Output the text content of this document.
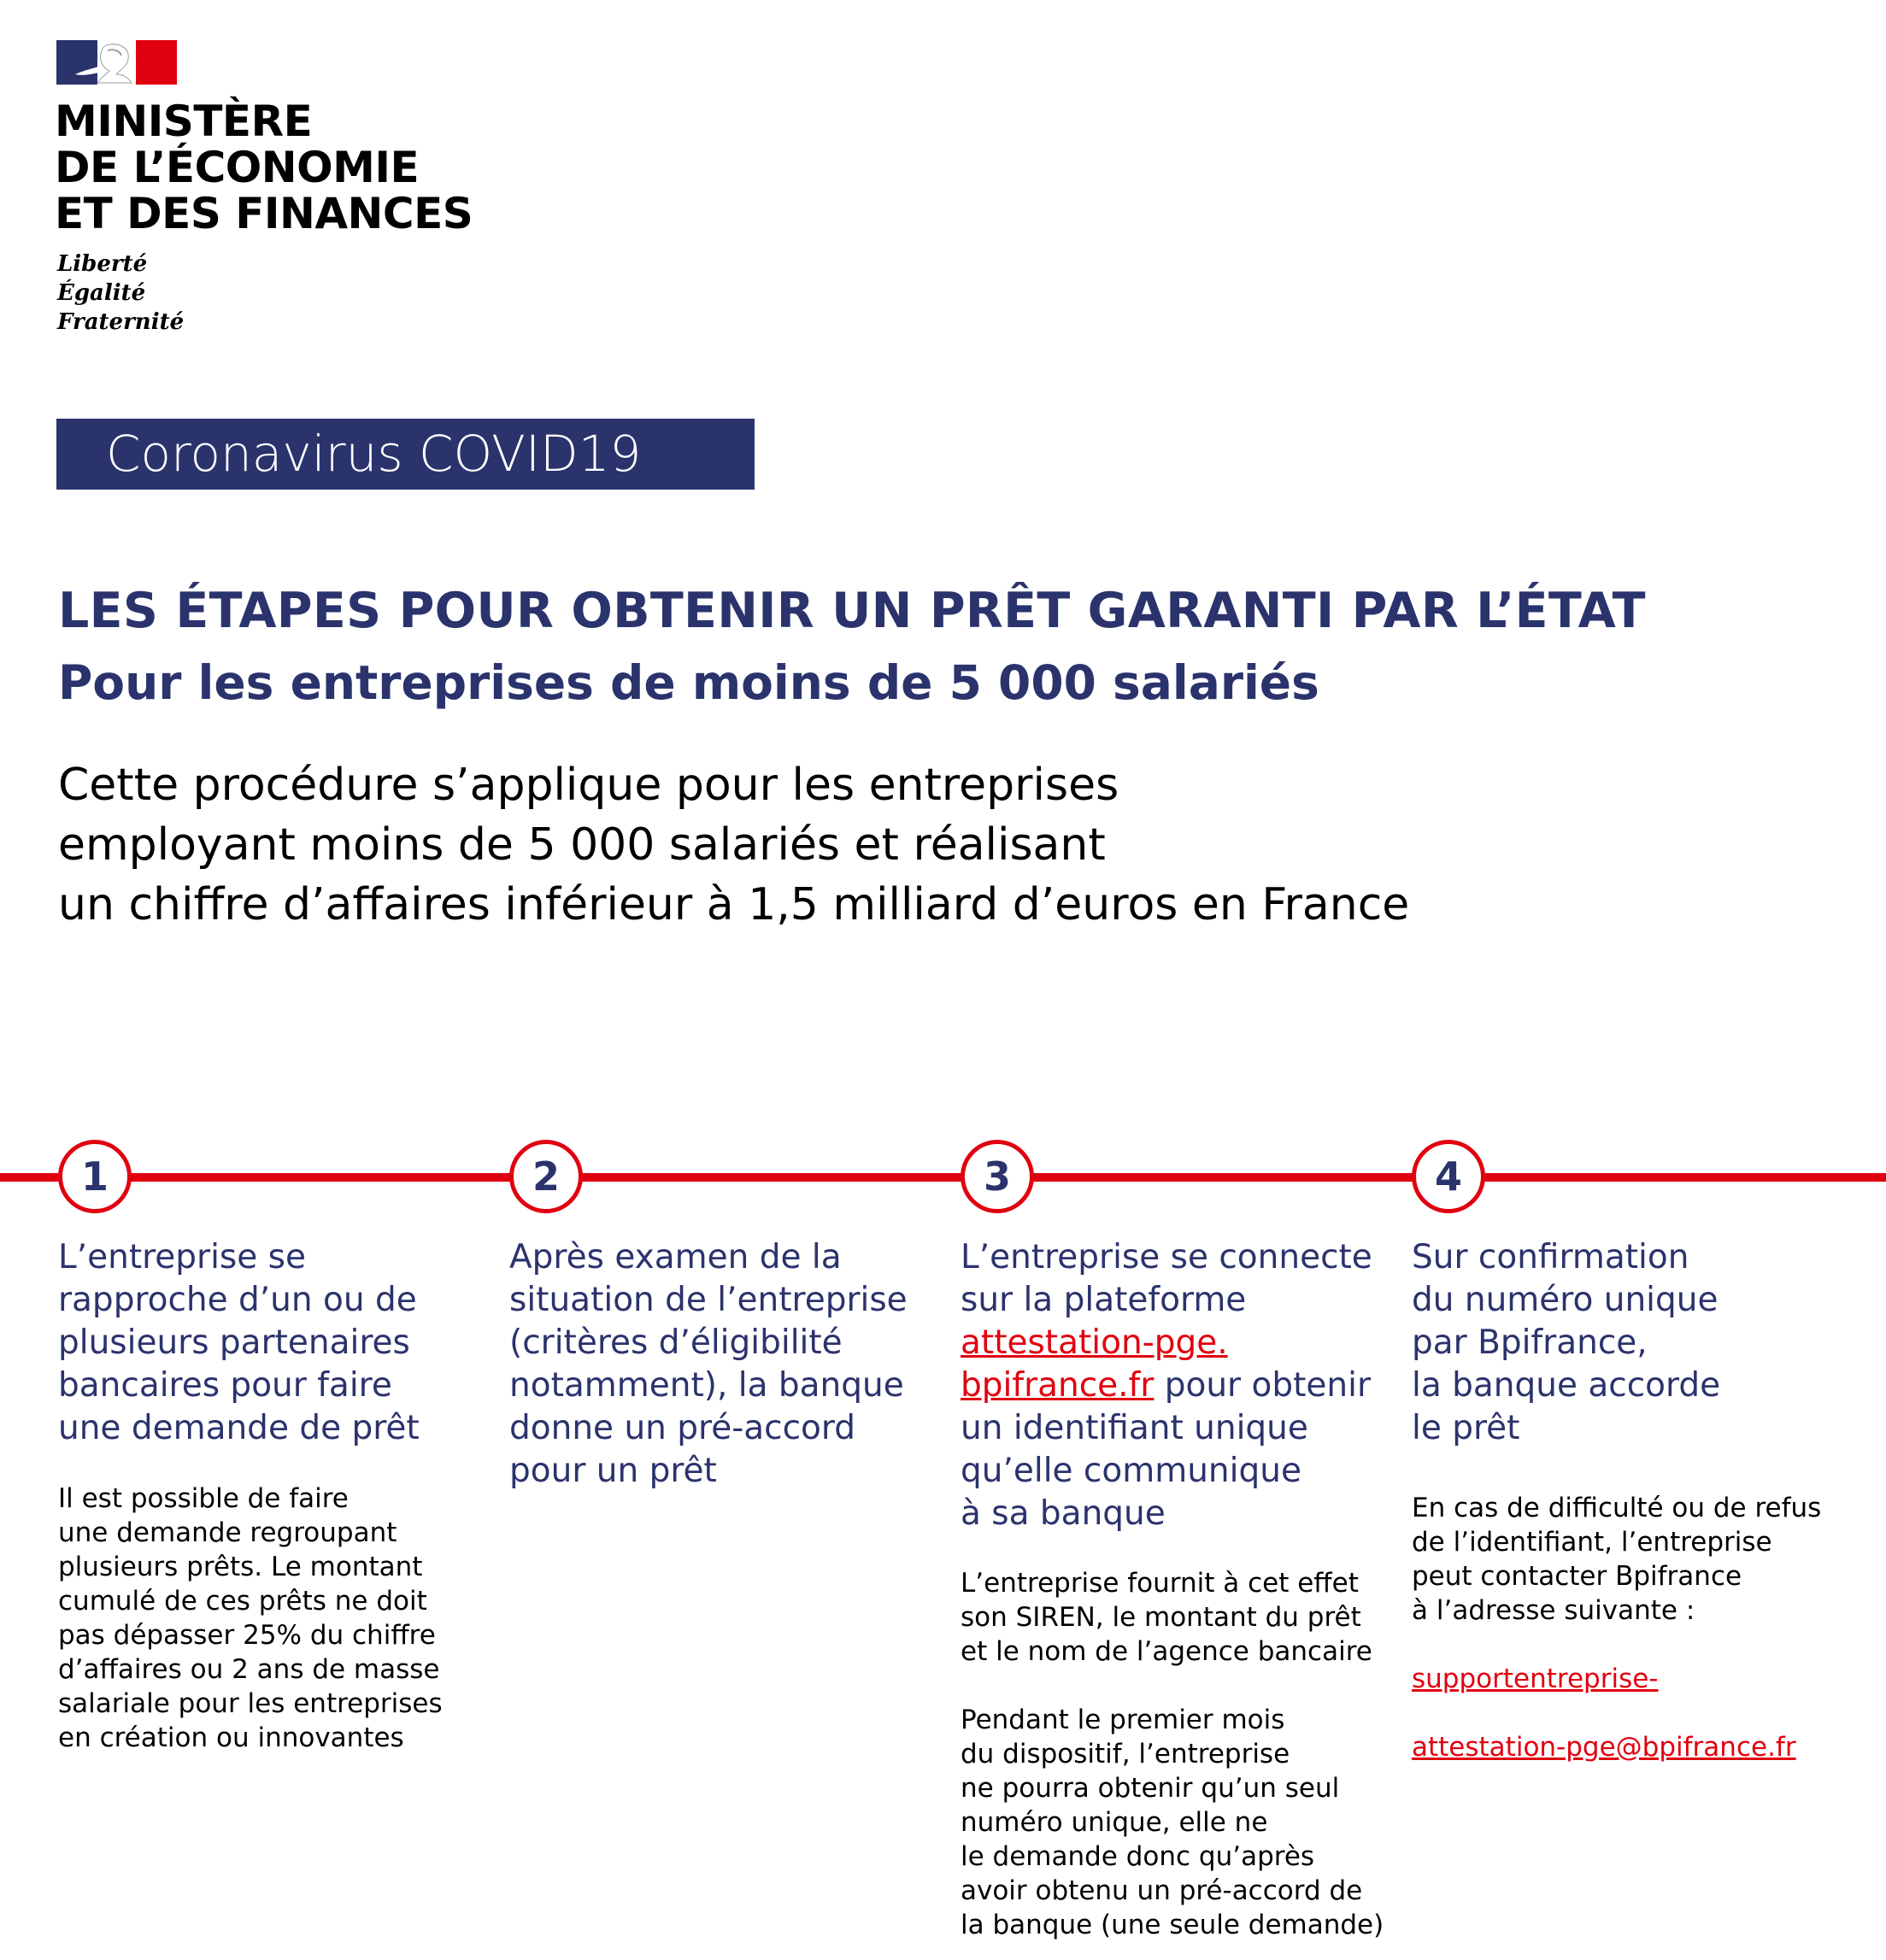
MINISTÈRE
DE L’ÉCONOMIE
ET DES FINANCES
Liberté
Égalité
Fraternité
Coronavirus COVID19
LES ÉTAPES POUR OBTENIR UN PRÊT GARANTI PAR L’ÉTAT
Pour les entreprises de moins de 5 000 salariés
Cette procédure s’applique pour les entreprises
employant moins de 5 000 salariés et réalisant
un chiffre d’affaires inférieur à 1,5 milliard d’euros en France
1	2	3	4
L’entreprise se
rapproche d’un ou de
plusieurs partenaires
bancaires pour faire
une demande de prêt
Il est possible de faire
une demande regroupant
plusieurs prêts. Le montant
cumulé de ces prêts ne doit
pas dépasser 25% du chiffre
d’affaires ou 2 ans de masse
salariale pour les entreprises
en création ou innovantes
Après examen de la
situation de l’entreprise
(critères d’éligibilité
notamment), la banque
donne un pré-accord
pour un prêt
L’entreprise se connecte
sur la plateforme
attestation-pge.
bpifrance.fr pour obtenir
un identifiant unique
qu’elle communique
à sa banque
L’entreprise fournit à cet effet
son SIREN, le montant du prêt
et le nom de l’agence bancaire
Pendant le premier mois
du dispositif, l’entreprise
ne pourra obtenir qu’un seul
numéro unique, elle ne
le demande donc qu’après
avoir obtenu un pré-accord de
la banque (une seule demande)
Sur confirmation
du numéro unique
par Bpifrance,
la banque accorde
le prêt
En cas de difficulté ou de refus
de l’identifiant, l’entreprise
peut contacter Bpifrance
à l’adresse suivante :

supportentreprise-

attestation-pge@bpifrance.fr
